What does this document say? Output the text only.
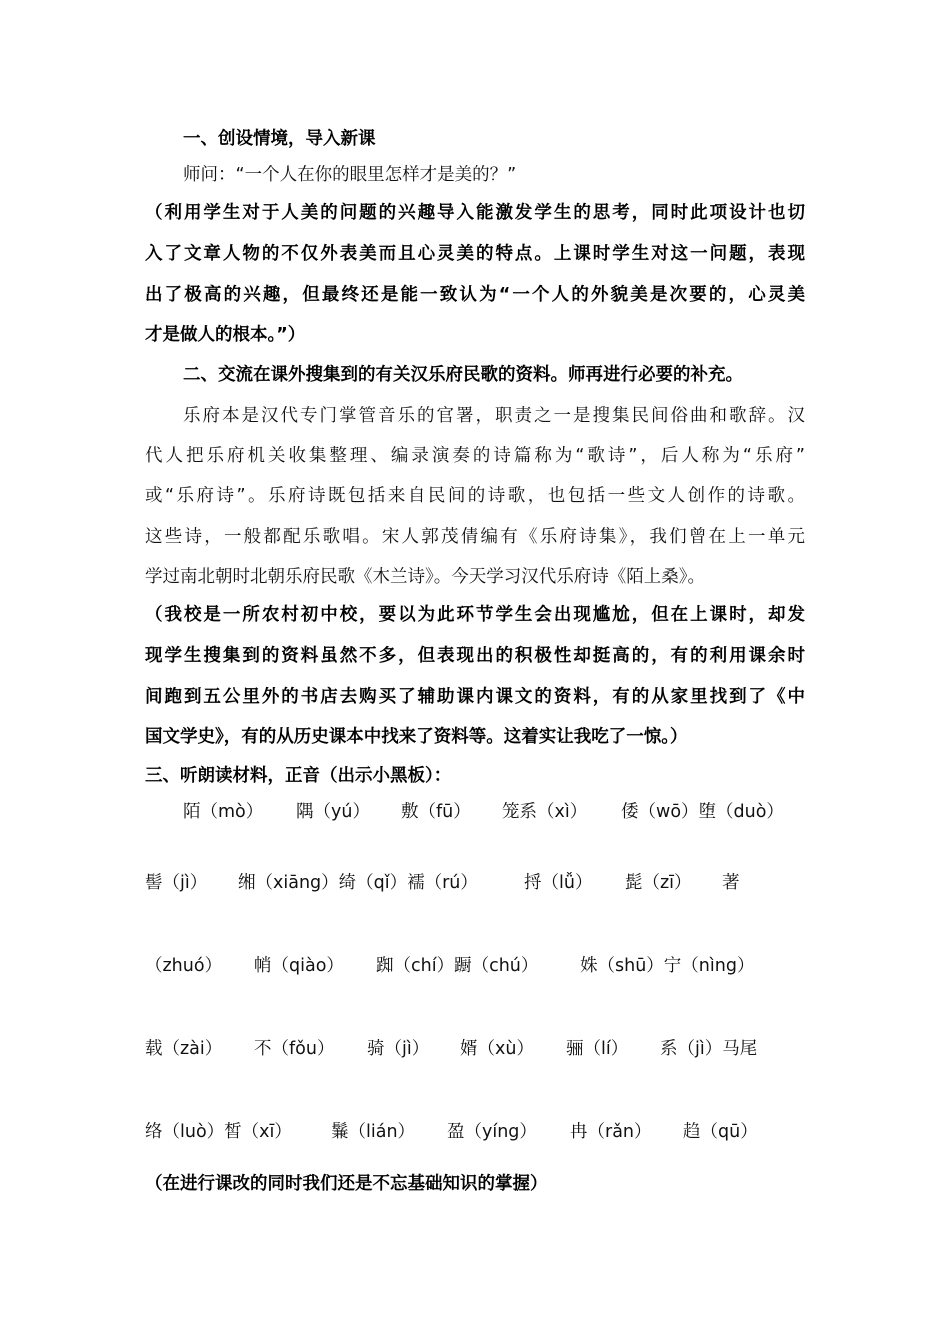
一、创设情境，导入新课
师问：“一个人在你的眼里怎样才是美的？”
（利用学生对于人美的问题的兴趣导入能激发学生的思考，同时此项设计也切
入了文章人物的不仅外表美而且心灵美的特点。上课时学生对这一问题，表现
出了极高的兴趣，但最终还是能一致认为“一个人的外貌美是次要的，心灵美
才是做人的根本。”）
二、交流在课外搜集到的有关汉乐府民歌的资料。师再进行必要的补充。
乐府本是汉代专门掌管音乐的官署，职责之一是搜集民间俗曲和歌辞。汉
代人把乐府机关收集整理、编录演奏的诗篇称为“歌诗”，后人称为“乐府”
或“乐府诗”。乐府诗既包括来自民间的诗歌，也包括一些文人创作的诗歌。
这些诗，一般都配乐歌唱。宋人郭茂倩编有《乐府诗集》，我们曾在上一单元
学过南北朝时北朝乐府民歌《木兰诗》。今天学习汉代乐府诗《陌上桑》。
（我校是一所农村初中校，要以为此环节学生会出现尴尬，但在上课时，却发
现学生搜集到的资料虽然不多，但表现出的积极性却挺高的，有的利用课余时
间跑到五公里外的书店去购买了辅助课内课文的资料，有的从家里找到了《中
国文学史》，有的从历史课本中找来了资料等。这着实让我吃了一惊。）
三、听朗读材料，正音（出示小黑板）：
陌（mò） 隅（yú） 敷（fū） 笼系（xì） 倭（wō）堕（duò）
髻（jì） 缃（xiāng）绮（qǐ）襦（rú）	捋（lǚ） 髭（zī） 著
（zhuó） 帩（qiào） 踟（chí）蹰（chú） 姝（shū）宁（nìng）
载（zài） 不（fǒu） 骑（jì） 婿（xù） 骊（lí） 系（jì）马尾
络（luò）皙（xī） 鬑（lián） 盈（yíng） 冉（rǎn） 趋（qū）
（在进行课改的同时我们还是不忘基础知识的掌握）
